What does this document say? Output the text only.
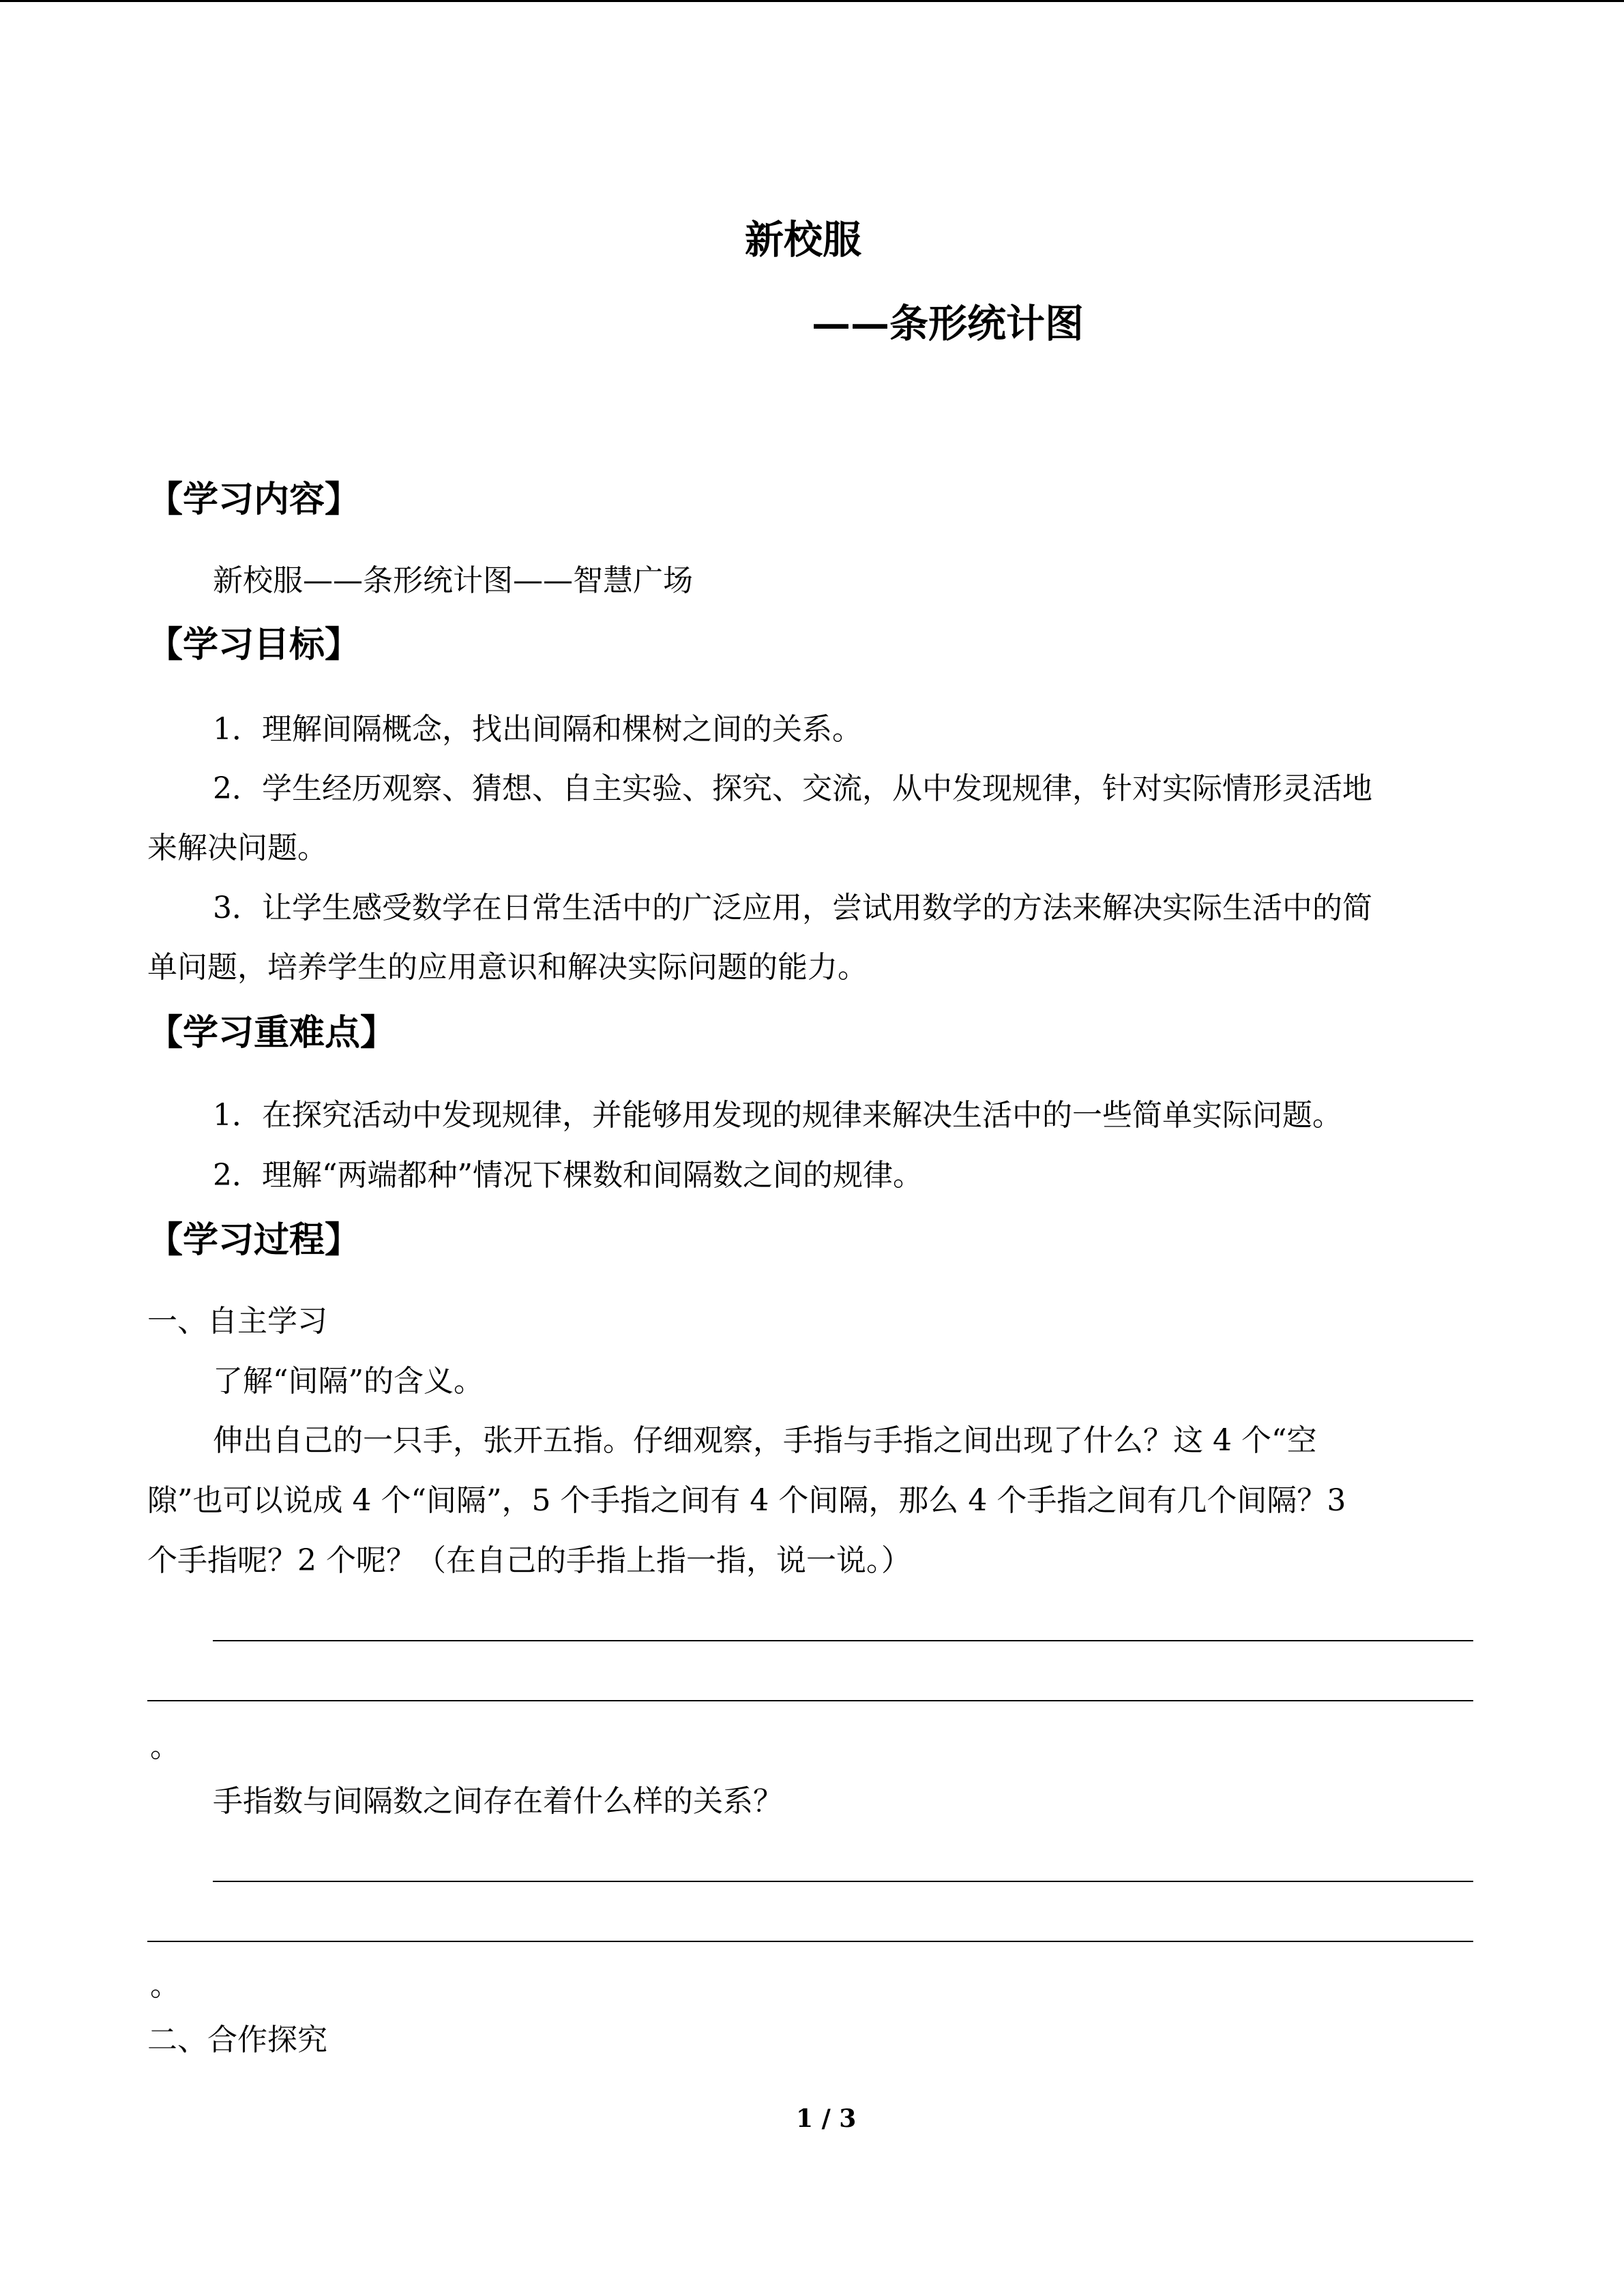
新校服
——条形统计图
【学习内容】
新校服——条形统计图——智慧广场
【学习目标】
1．理解间隔概念，找出间隔和棵树之间的关系。
2．学生经历观察、猜想、自主实验、探究、交流，从中发现规律，针对实际情形灵活地
来解决问题。
3．让学生感受数学在日常生活中的广泛应用，尝试用数学的方法来解决实际生活中的简
单问题，培养学生的应用意识和解决实际问题的能力。
【学习重难点】
1．在探究活动中发现规律，并能够用发现的规律来解决生活中的一些简单实际问题。
2．理解“两端都种”情况下棵数和间隔数之间的规律。
【学习过程】
一、自主学习
了解“间隔”的含义。
伸出自己的一只手，张开五指。仔细观察，手指与手指之间出现了什么？这 4 个“空
隙”也可以说成 4 个“间隔”，5 个手指之间有 4 个间隔，那么 4 个手指之间有几个间隔？3
个手指呢？2 个呢？（在自己的手指上指一指，说一说。）
。
手指数与间隔数之间存在着什么样的关系？
。
二、合作探究
1 / 3
